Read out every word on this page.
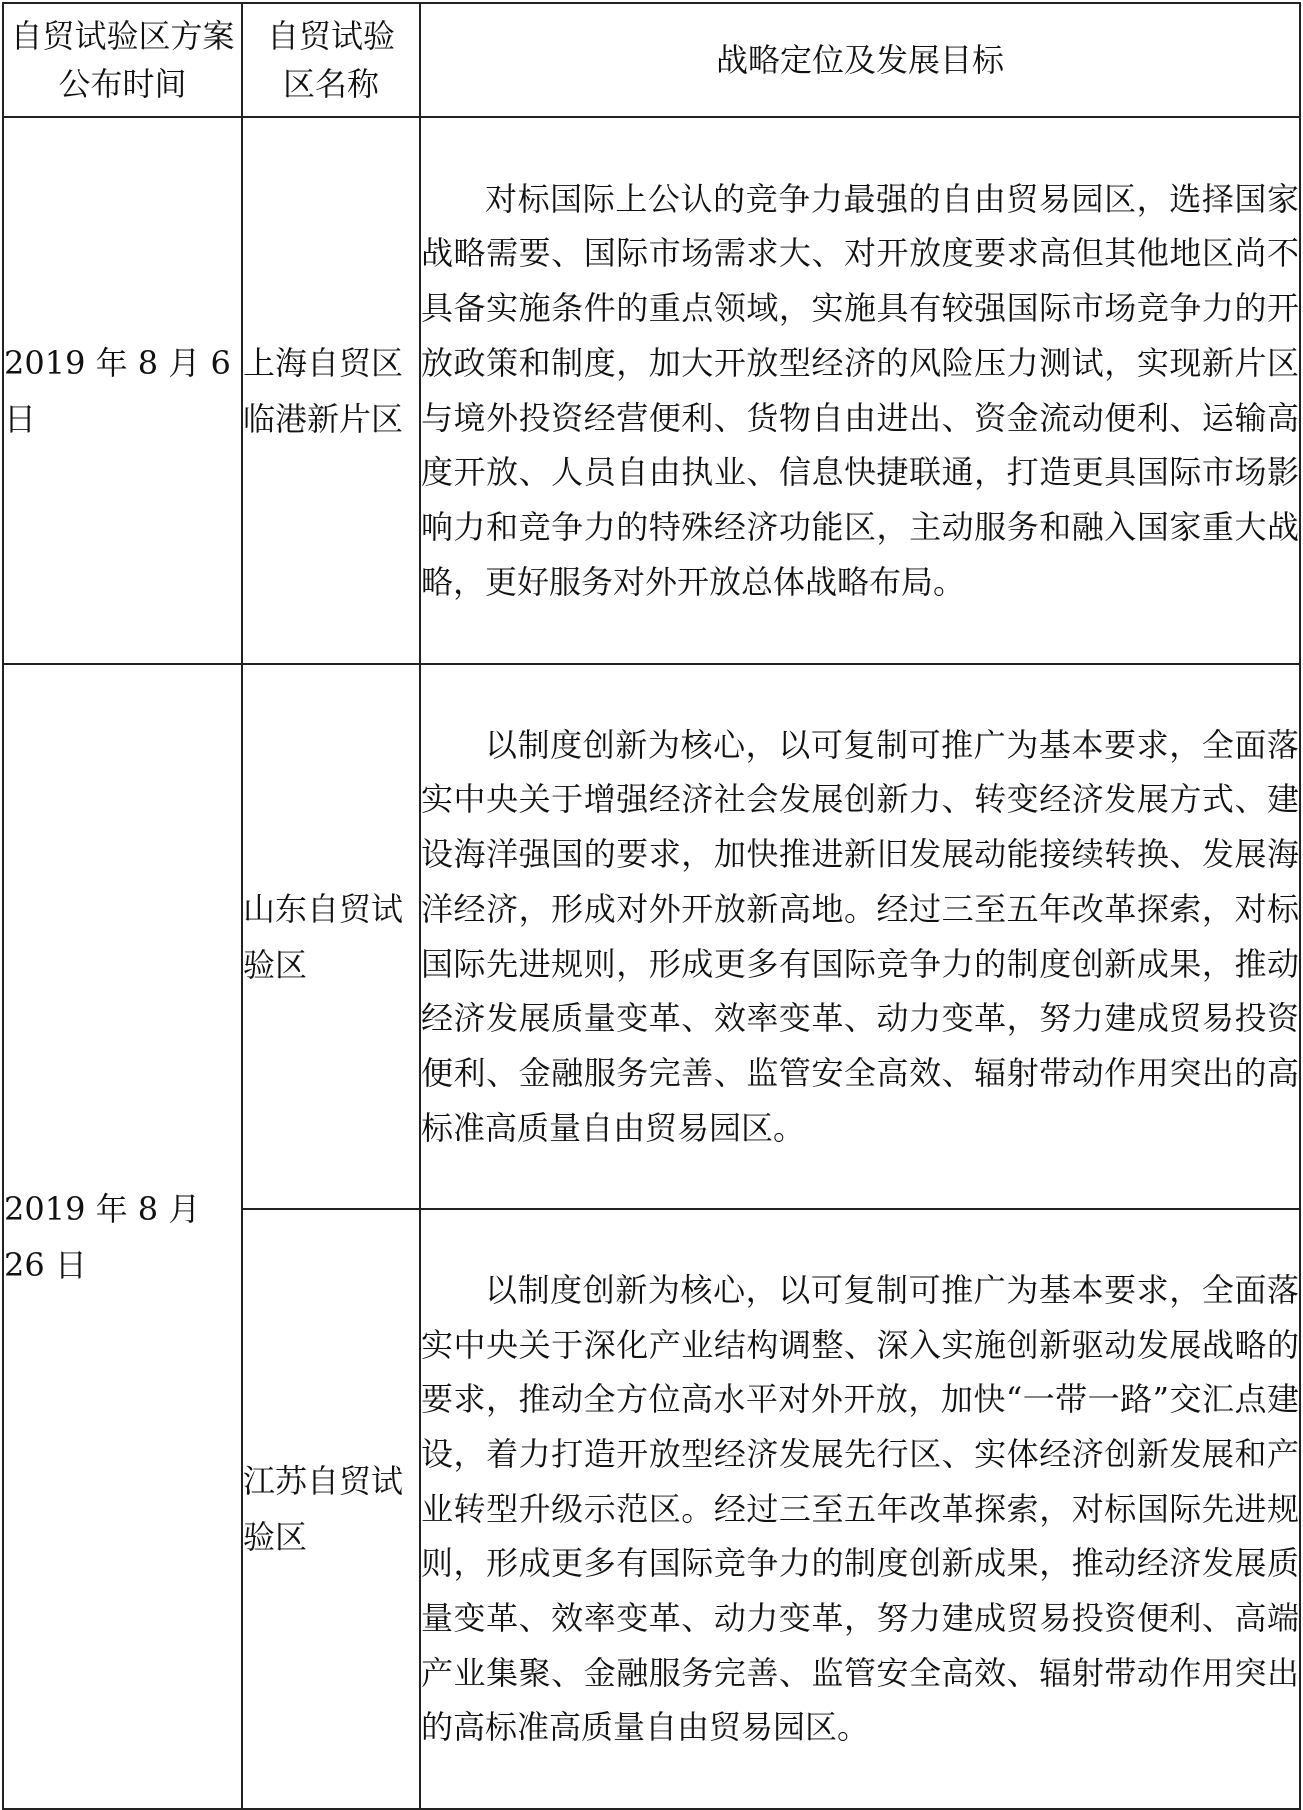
自贸试验区方案公布时间	自贸试验区名称	战略定位及发展目标

2019 年 8 月 6 日	上海自贸区临港新片区	对标国际上公认的竞争力最强的自由贸易园区，选择国家战略需要、国际市场需求大、对开放度要求高但其他地区尚不具备实施条件的重点领域，实施具有较强国际市场竞争力的开放政策和制度，加大开放型经济的风险压力测试，实现新片区与境外投资经营便利、货物自由进出、资金流动便利、运输高度开放、人员自由执业、信息快捷联通，打造更具国际市场影响力和竞争力的特殊经济功能区，主动服务和融入国家重大战略，更好服务对外开放总体战略布局。
2019 年 8 月 26 日	山东自贸试验区	以制度创新为核心，以可复制可推广为基本要求，全面落实中央关于增强经济社会发展创新力、转变经济发展方式、建设海洋强国的要求，加快推进新旧发展动能接续转换、发展海洋经济，形成对外开放新高地。经过三至五年改革探索，对标国际先进规则，形成更多有国际竞争力的制度创新成果，推动经济发展质量变革、效率变革、动力变革，努力建成贸易投资便利、金融服务完善、监管安全高效、辐射带动作用突出的高标准高质量自由贸易园区。
	江苏自贸试验区	以制度创新为核心，以可复制可推广为基本要求，全面落实中央关于深化产业结构调整、深入实施创新驱动发展战略的要求，推动全方位高水平对外开放，加快“一带一路”交汇点建设，着力打造开放型经济发展先行区、实体经济创新发展和产业转型升级示范区。经过三至五年改革探索，对标国际先进规则，形成更多有国际竞争力的制度创新成果，推动经济发展质量变革、效率变革、动力变革，努力建成贸易投资便利、高端产业集聚、金融服务完善、监管安全高效、辐射带动作用突出的高标准高质量自由贸易园区。
